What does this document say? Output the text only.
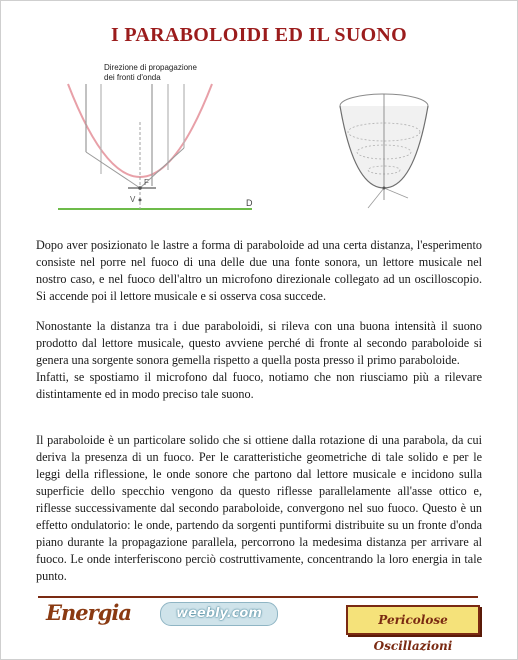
I PARABOLOIDI ED IL SUONO
Direzione di propagazione
dei fronti d'onda
V
F
D

Dopo aver posizionato le lastre a forma di paraboloide ad una certa distanza, l'esperimento consiste nel porre nel fuoco di una delle due una fonte sonora, un lettore musicale nel nostro caso, e nel fuoco dell'altro un microfono direzionale collegato ad un oscilloscopio. Si accende poi il lettore musicale e si osserva cosa succede.

Nonostante la distanza tra i due paraboloidi, si rileva con una buona intensità il suono prodotto dal lettore musicale, questo avviene perché di fronte al secondo paraboloide si genera una sorgente sonora gemella rispetto a quella posta presso il primo paraboloide.

Infatti, se spostiamo il microfono dal fuoco, notiamo che non riusciamo più a rilevare distintamente ed in modo preciso tale suono.

Il paraboloide è un particolare solido che si ottiene dalla rotazione di una parabola, da cui deriva la presenza di un fuoco. Per le caratteristiche geometriche di tale solido e per le leggi della riflessione, le onde sonore che partono dal lettore musicale e incidono sulla superficie dello specchio vengono da questo riflesse parallelamente all'asse ottico e, riflesse successivamente dal secondo paraboloide, convergono nel suo fuoco. Questo è un effetto ondulatorio: le onde, partendo da sorgenti puntiformi distribuite su un fronte d'onda piano durante la propagazione parallela, percorrono la medesima distanza per arrivare al fuoco. Le onde interferiscono perciò costruttivamente, concentrando la loro energia in tale punto.

Energia	weebly.com	Pericolose Oscillazioni
